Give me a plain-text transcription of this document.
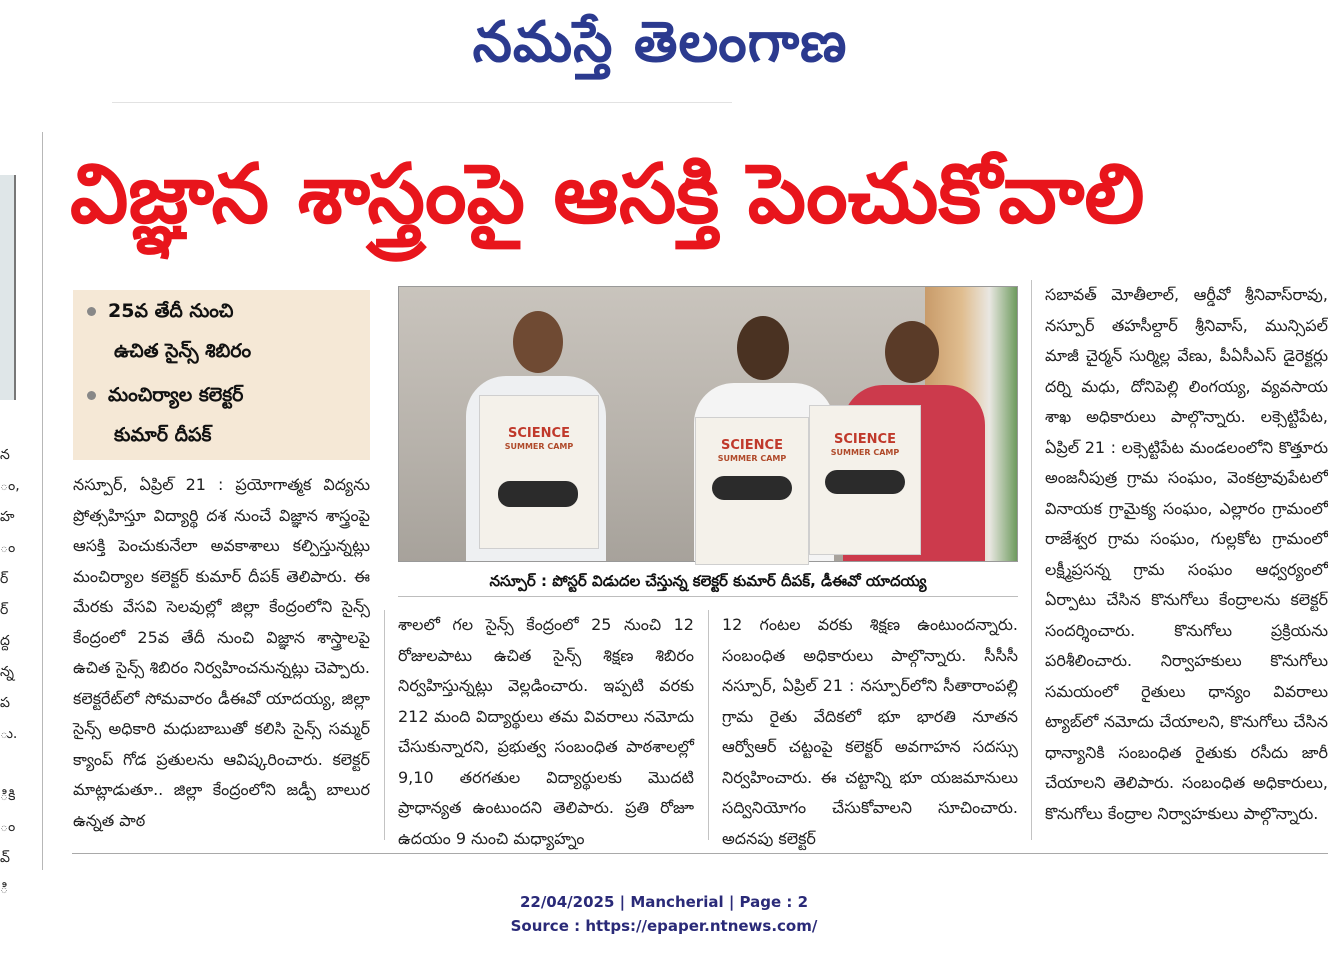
నమస్తే తెలంగాణ
న
ం,
హ
ం
ర్
ర్
ద్ద
న్న
ప
ు.
ికి
ం
వ్
ి
విజ్ఞాన శాస్త్రంపై ఆసక్తి పెంచుకోవాలి
25వ తేదీ నుంచి
ఉచిత సైన్స్ శిబిరం
మంచిర్యాల కలెక్టర్
కుమార్ దీపక్	SCIENCE
SUMMER CAMP	SCIENCE
SUMMER CAMP
SCIENCE
SUMMER CAMP
నస్పూర్ : పోస్టర్ విడుదల చేస్తున్న కలెక్టర్ కుమార్ దీపక్, డీఈవో యాదయ్య

నస్పూర్, ఏప్రిల్ 21 : ప్రయోగాత్మక విద్యను ప్రోత్సహిస్తూ విద్యార్థి దశ నుంచే విజ్ఞాన శాస్త్రంపై ఆసక్తి పెంచుకునేలా అవకాశాలు కల్పిస్తున్నట్లు మంచిర్యాల కలెక్టర్ కుమార్ దీపక్ తెలిపారు. ఈ మేరకు వేసవి సెలవుల్లో జిల్లా కేంద్రంలోని సైన్స్ కేంద్రంలో 25వ తేదీ నుంచి విజ్ఞాన శాస్త్రాలపై ఉచిత సైన్స్ శిబిరం నిర్వహించనున్నట్లు చెప్పారు. కలెక్టరేట్‌లో సోమవారం డీఈవో యాదయ్య, జిల్లా సైన్స్ అధికారి మధుబాబుతో కలిసి సైన్స్ సమ్మర్ క్యాంప్ గోడ ప్రతులను ఆవిష్కరించారు. కలెక్టర్ మాట్లాడుతూ.. జిల్లా కేంద్రంలోని జడ్పీ బాలుర ఉన్నత పాఠ

శాలలో గల సైన్స్ కేంద్రంలో 25 నుంచి 12 రోజులపాటు ఉచిత సైన్స్ శిక్షణ శిబిరం నిర్వహిస్తున్నట్లు వెల్లడించారు. ఇప్పటి వరకు 212 మంది విద్యార్థులు తమ వివరాలు నమోదు చేసుకున్నారని, ప్రభుత్వ సంబంధిత పాఠశాలల్లో 9,10 తరగతుల విద్యార్థులకు మొదటి ప్రాధాన్యత ఉంటుందని తెలిపారు. ప్రతి రోజూ ఉదయం 9 నుంచి మధ్యాహ్నం

12 గంటల వరకు శిక్షణ ఉంటుందన్నారు. సంబంధిత అధికారులు పాల్గొన్నారు. సీసీసీ నస్పూర్, ఏప్రిల్ 21 : నస్పూర్‌లోని సీతారాంపల్లి గ్రామ రైతు వేదికలో భూ భారతి నూతన ఆర్వోఆర్ చట్టంపై కలెక్టర్ అవగాహన సదస్సు నిర్వహించారు. ఈ చట్టాన్ని భూ యజమానులు సద్వినియోగం చేసుకోవాలని సూచించారు. అదనపు కలెక్టర్

సబావత్ మోతీలాల్, ఆర్డీవో శ్రీనివాస్‌రావు, నస్పూర్ తహసీల్దార్ శ్రీనివాస్, మున్సిపల్ మాజీ చైర్మన్ సుర్మిల్ల వేణు, పీఏసీఎస్ డైరెక్టర్లు దర్ని మధు, దోనిపెల్లి లింగయ్య, వ్యవసాయ శాఖ అధికారులు పాల్గొన్నారు. లక్సెట్టిపేట, ఏప్రిల్ 21 : లక్సెట్టిపేట మండలంలోని కొత్తూరు అంజనీపుత్ర గ్రామ సంఘం, వెంకట్రావుపేటలో వినాయక గ్రామైక్య సంఘం, ఎల్లారం గ్రామంలో రాజేశ్వర గ్రామ సంఘం, గుల్లకోట గ్రామంలో లక్ష్మీప్రసన్న గ్రామ సంఘం ఆధ్వర్యంలో ఏర్పాటు చేసిన కొనుగోలు కేంద్రాలను కలెక్టర్ సందర్శించారు. కొనుగోలు ప్రక్రియను పరిశీలించారు. నిర్వాహకులు కొనుగోలు సమయంలో రైతులు ధాన్యం వివరాలు ట్యాబ్‌లో నమోదు చేయాలని, కొనుగోలు చేసిన ధాన్యానికి సంబంధిత రైతుకు రసీదు జారీ చేయాలని తెలిపారు. సంబంధిత అధికారులు, కొనుగోలు కేంద్రాల నిర్వాహకులు పాల్గొన్నారు.

22/04/2025 | Mancherial | Page : 2
Source : https://epaper.ntnews.com/
